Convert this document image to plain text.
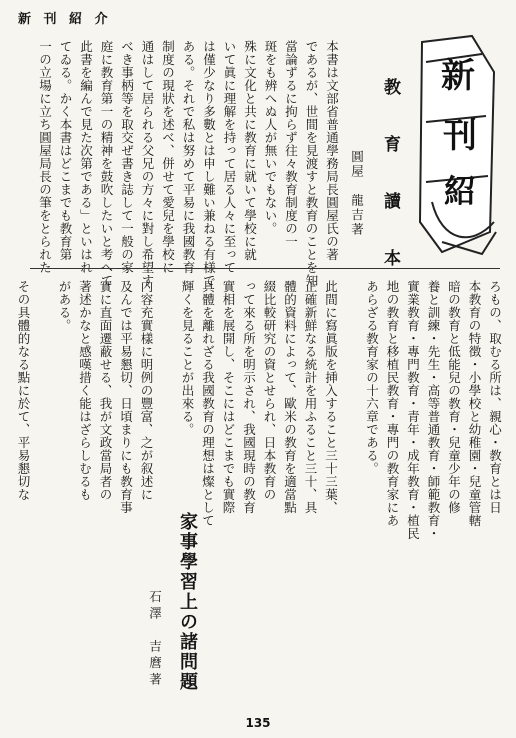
新 刊 紹 介
新
刊
紹
教 育 讀 本
圓屋　龍吉著
本書は文部省普通學務局長圓屋氏の著
であるが、世間を見渡すと教育のことを知
當論ずるに拘らず往々教育制度の一
斑をも辨へぬ人が無いでもない。
殊に文化と共に教育に就いて學校に就
いて眞に理解を持って居る人々に至って
は僅少なり多數とは申し難い兼ねる有様で
ある。それで私は努めて平易に我國教育
制度の現狀を述べ、併せて愛兒を學校に
通はして居られる父兄の方々に對し希望す
べき事柄等を取交ぜ書き誌して一般の家
庭に教育第一の精神を鼓吹したいと考へて
此書を編んで見た次第である」といはれ
てゐる。かく本書はどこまでも教育第
一の立場に立ち圓屋局長の筆をとられた
ろもの、取むる所は、親心・教育とは日
本教育の特徴・小學校と幼稚園・兒童管轄
暗の教育と低能兒の教育・兒童少年の修
養と訓練・先生・高等普通教育・師範教育・
實業教育・專門教育・青年・成年教育・植民
地の教育と移植民教育・專門の教育家にあ
あらざる教育家の十六章である。
此間に寫眞版を挿入すること三十三葉、
正確新鮮なる統計を用ふること三十、具
體的資料によって、歐米の教育を適當點
綴比較研究の資とせられ、日本教育の
って來る所を明示され、我國現時の教育
實相を展開し、そこにはどこまでも實際
具體を離れざる我國教育の理想は燦として
輝くを見ることが出來る。
内容充實樣に明例の豐富、之が叙述に
及んでは平易懇切、日頃まりにも教育事
實に直面遷蔽せる、我が文政當局者の
著述かなと感嘆措く能はざらしむるも
がある。
その具體的なる點に於て、平易懇切な
家事學習上の諸問題
石澤　吉麿著
135
